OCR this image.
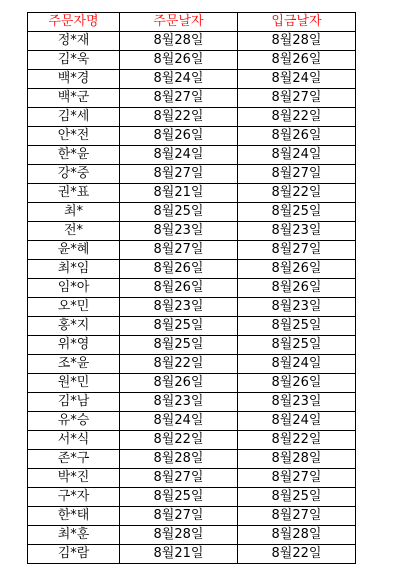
주문자명	주문날자	입금날자
정*재	8월28일	8월28일
김*욱	8월26일	8월26일
백*경	8월24일	8월24일
백*군	8월27일	8월27일
김*세	8월22일	8월22일
안*전	8월26일	8월26일
한*윤	8월24일	8월24일
강*중	8월27일	8월27일
권*표	8월21일	8월22일
최*	8월25일	8월25일
전*	8월23일	8월23일
윤*혜	8월27일	8월27일
최*임	8월26일	8월26일
임*아	8월26일	8월26일
오*민	8월23일	8월23일
홍*지	8월25일	8월25일
위*영	8월25일	8월25일
조*윤	8월22일	8월24일
원*민	8월26일	8월26일
김*남	8월23일	8월23일
유*승	8월24일	8월24일
서*식	8월22일	8월22일
존*구	8월28일	8월28일
박*진	8월27일	8월27일
구*자	8월25일	8월25일
한*태	8월27일	8월27일
최*훈	8월28일	8월28일
김*람	8월21일	8월22일
